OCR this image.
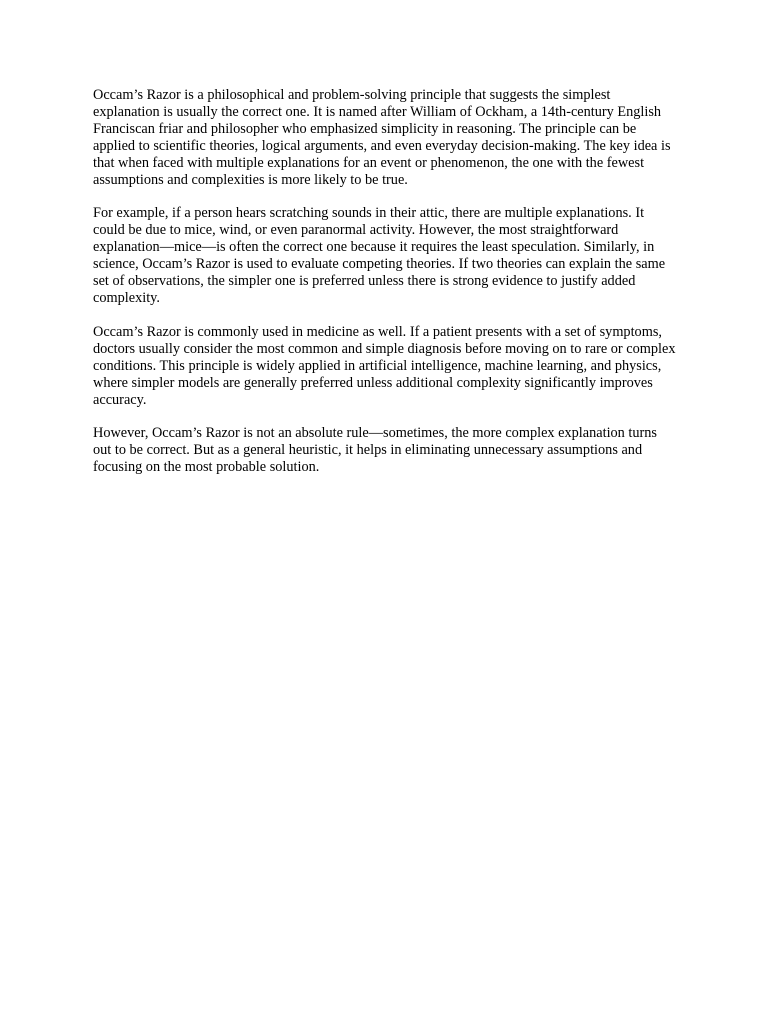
Occam’s Razor is a philosophical and problem-solving principle that suggests the simplest explanation is usually the correct one. It is named after William of Ockham, a 14th-century English Franciscan friar and philosopher who emphasized simplicity in reasoning. The principle can be applied to scientific theories, logical arguments, and even everyday decision-making. The key idea is that when faced with multiple explanations for an event or phenomenon, the one with the fewest assumptions and complexities is more likely to be true.

For example, if a person hears scratching sounds in their attic, there are multiple explanations. It could be due to mice, wind, or even paranormal activity. However, the most straightforward explanation—mice—is often the correct one because it requires the least speculation. Similarly, in science, Occam’s Razor is used to evaluate competing theories. If two theories can explain the same set of observations, the simpler one is preferred unless there is strong evidence to justify added complexity.

Occam’s Razor is commonly used in medicine as well. If a patient presents with a set of symptoms, doctors usually consider the most common and simple diagnosis before moving on to rare or complex conditions. This principle is widely applied in artificial intelligence, machine learning, and physics, where simpler models are generally preferred unless additional complexity significantly improves accuracy.

However, Occam’s Razor is not an absolute rule—sometimes, the more complex explanation turns out to be correct. But as a general heuristic, it helps in eliminating unnecessary assumptions and focusing on the most probable solution.
